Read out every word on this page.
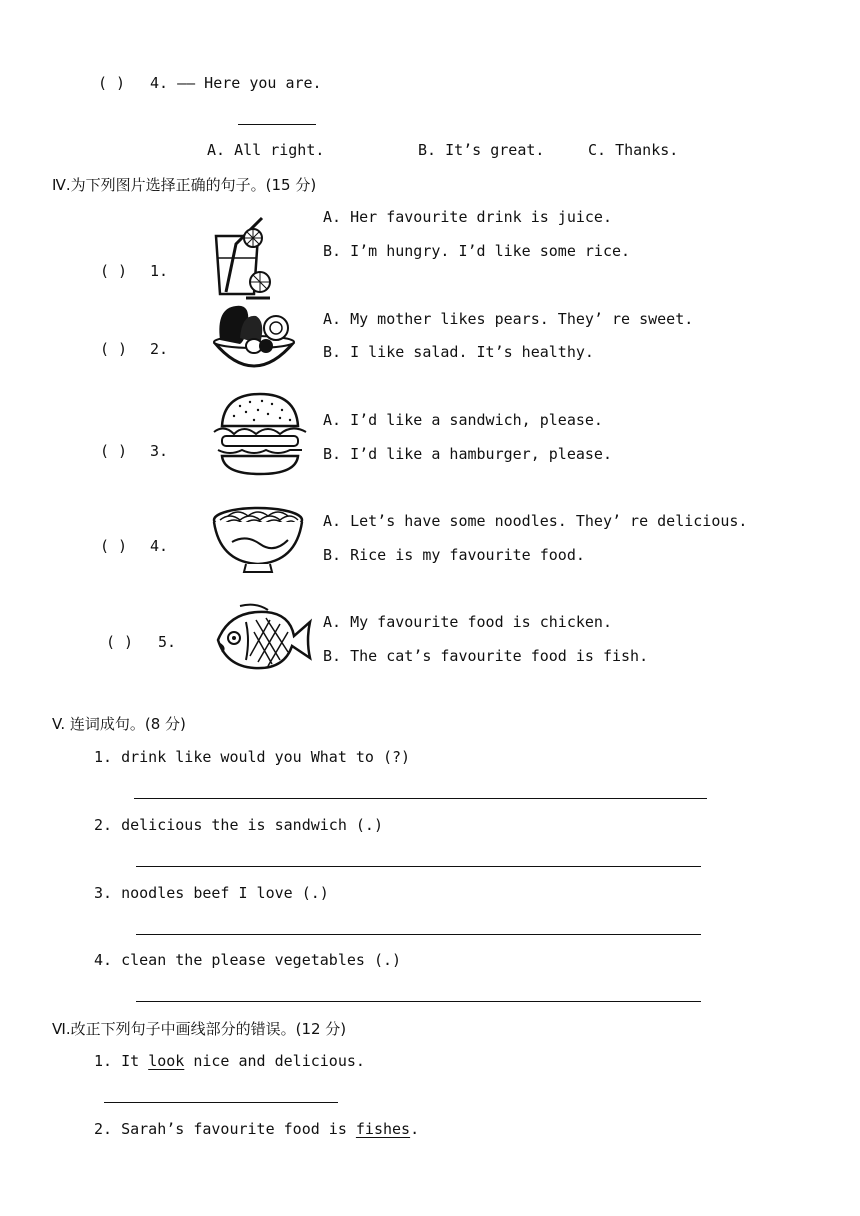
( ) 4. —— Here you are.
A. All right.	B. It’s great.	C. Thanks.
Ⅳ.为下列图片选择正确的句子。(15 分)
( ) 1.
A. Her favourite drink is juice.
B. I’m hungry. I’d like some rice.
( ) 2.
A. My mother likes pears. They’ re sweet.
B. I like salad. It’s healthy.
( ) 3.
A. I’d like a sandwich, please.
B. I’d like a hamburger, please.
( ) 4.
A. Let’s have some noodles. They’ re delicious.
B. Rice is my favourite food.
( ) 5.
A. My favourite food is chicken.
B. The cat’s favourite food is fish.
V. 连词成句。(8 分)
1. drink like would you What to (?)
2. delicious the is sandwich (.)
3. noodles beef I love (.)
4. clean the please vegetables (.)
Ⅵ.改正下列句子中画线部分的错误。(12 分)
1. It look nice and delicious.
2. Sarah’s favourite food is fishes.
